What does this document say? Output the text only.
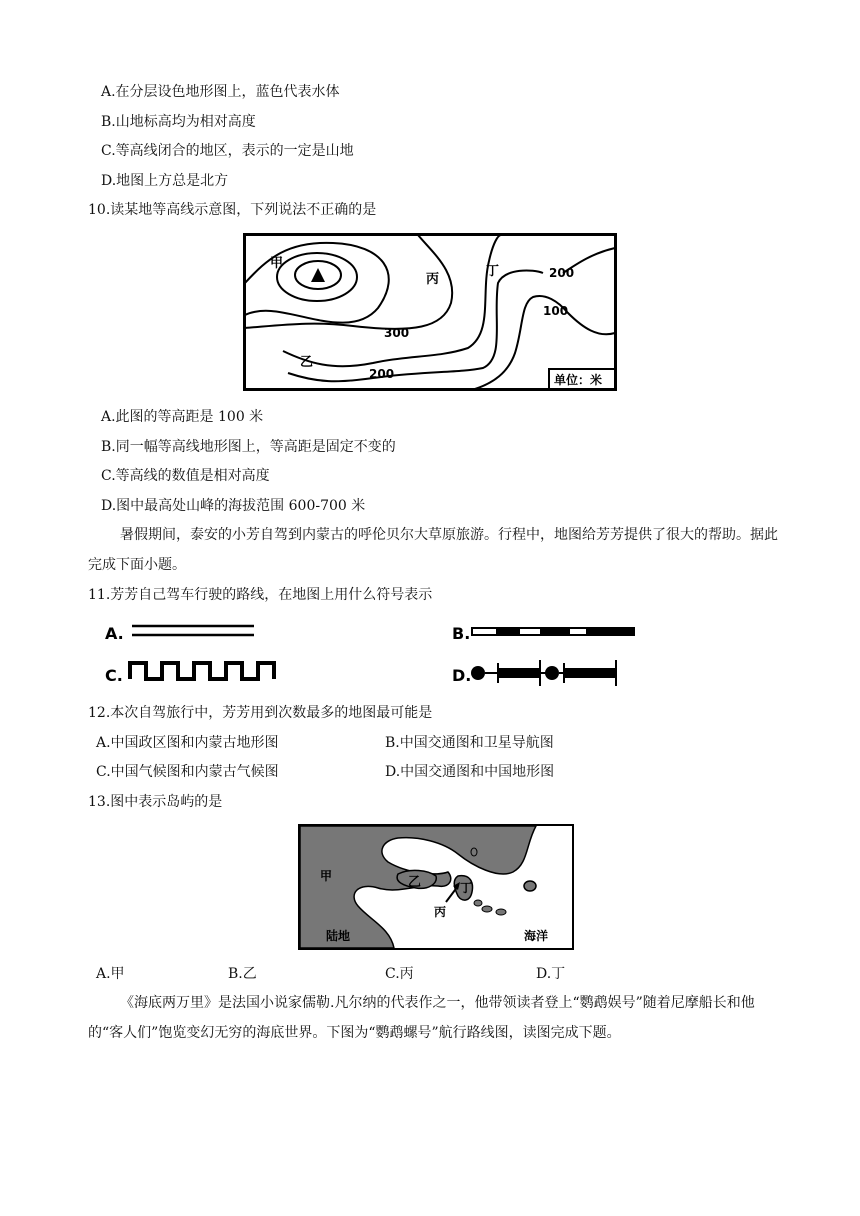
A.在分层设色地形图上，蓝色代表水体
B.山地标高均为相对高度
C.等高线闭合的地区，表示的一定是山地
D.地图上方总是北方
10.读某地等高线示意图，下列说法不正确的是
甲
丙
丁
乙
200
100
300
200	单位：米
A.此图的等高距是 100 米
B.同一幅等高线地形图上，等高距是固定不变的
C.等高线的数值是相对高度
D.图中最高处山峰的海拔范围 600-700 米
暑假期间，泰安的小芳自驾到内蒙古的呼伦贝尔大草原旅游。行程中，地图给芳芳提供了很大的帮助。据此完成下面小题。
11.芳芳自己驾车行驶的路线，在地图上用什么符号表示
A.	B.
C.	D.
12.本次自驾旅行中，芳芳用到次数最多的地图最可能是
A.中国政区图和内蒙古地形图	B.中国交通图和卫星导航图
C.中国气候图和内蒙古气候图	D.中国交通图和中国地形图
13.图中表示岛屿的是
甲	乙	丁
丙
陆地	海洋
A.甲	B.乙	C.丙	D.丁
《海底两万里》是法国小说家儒勒.凡尔纳的代表作之一，他带领读者登上“鹦鹉娱号”随着尼摩船长和他的“客人们”饱览变幻无穷的海底世界。下图为“鹦鹉螺号”航行路线图，读图完成下题。
